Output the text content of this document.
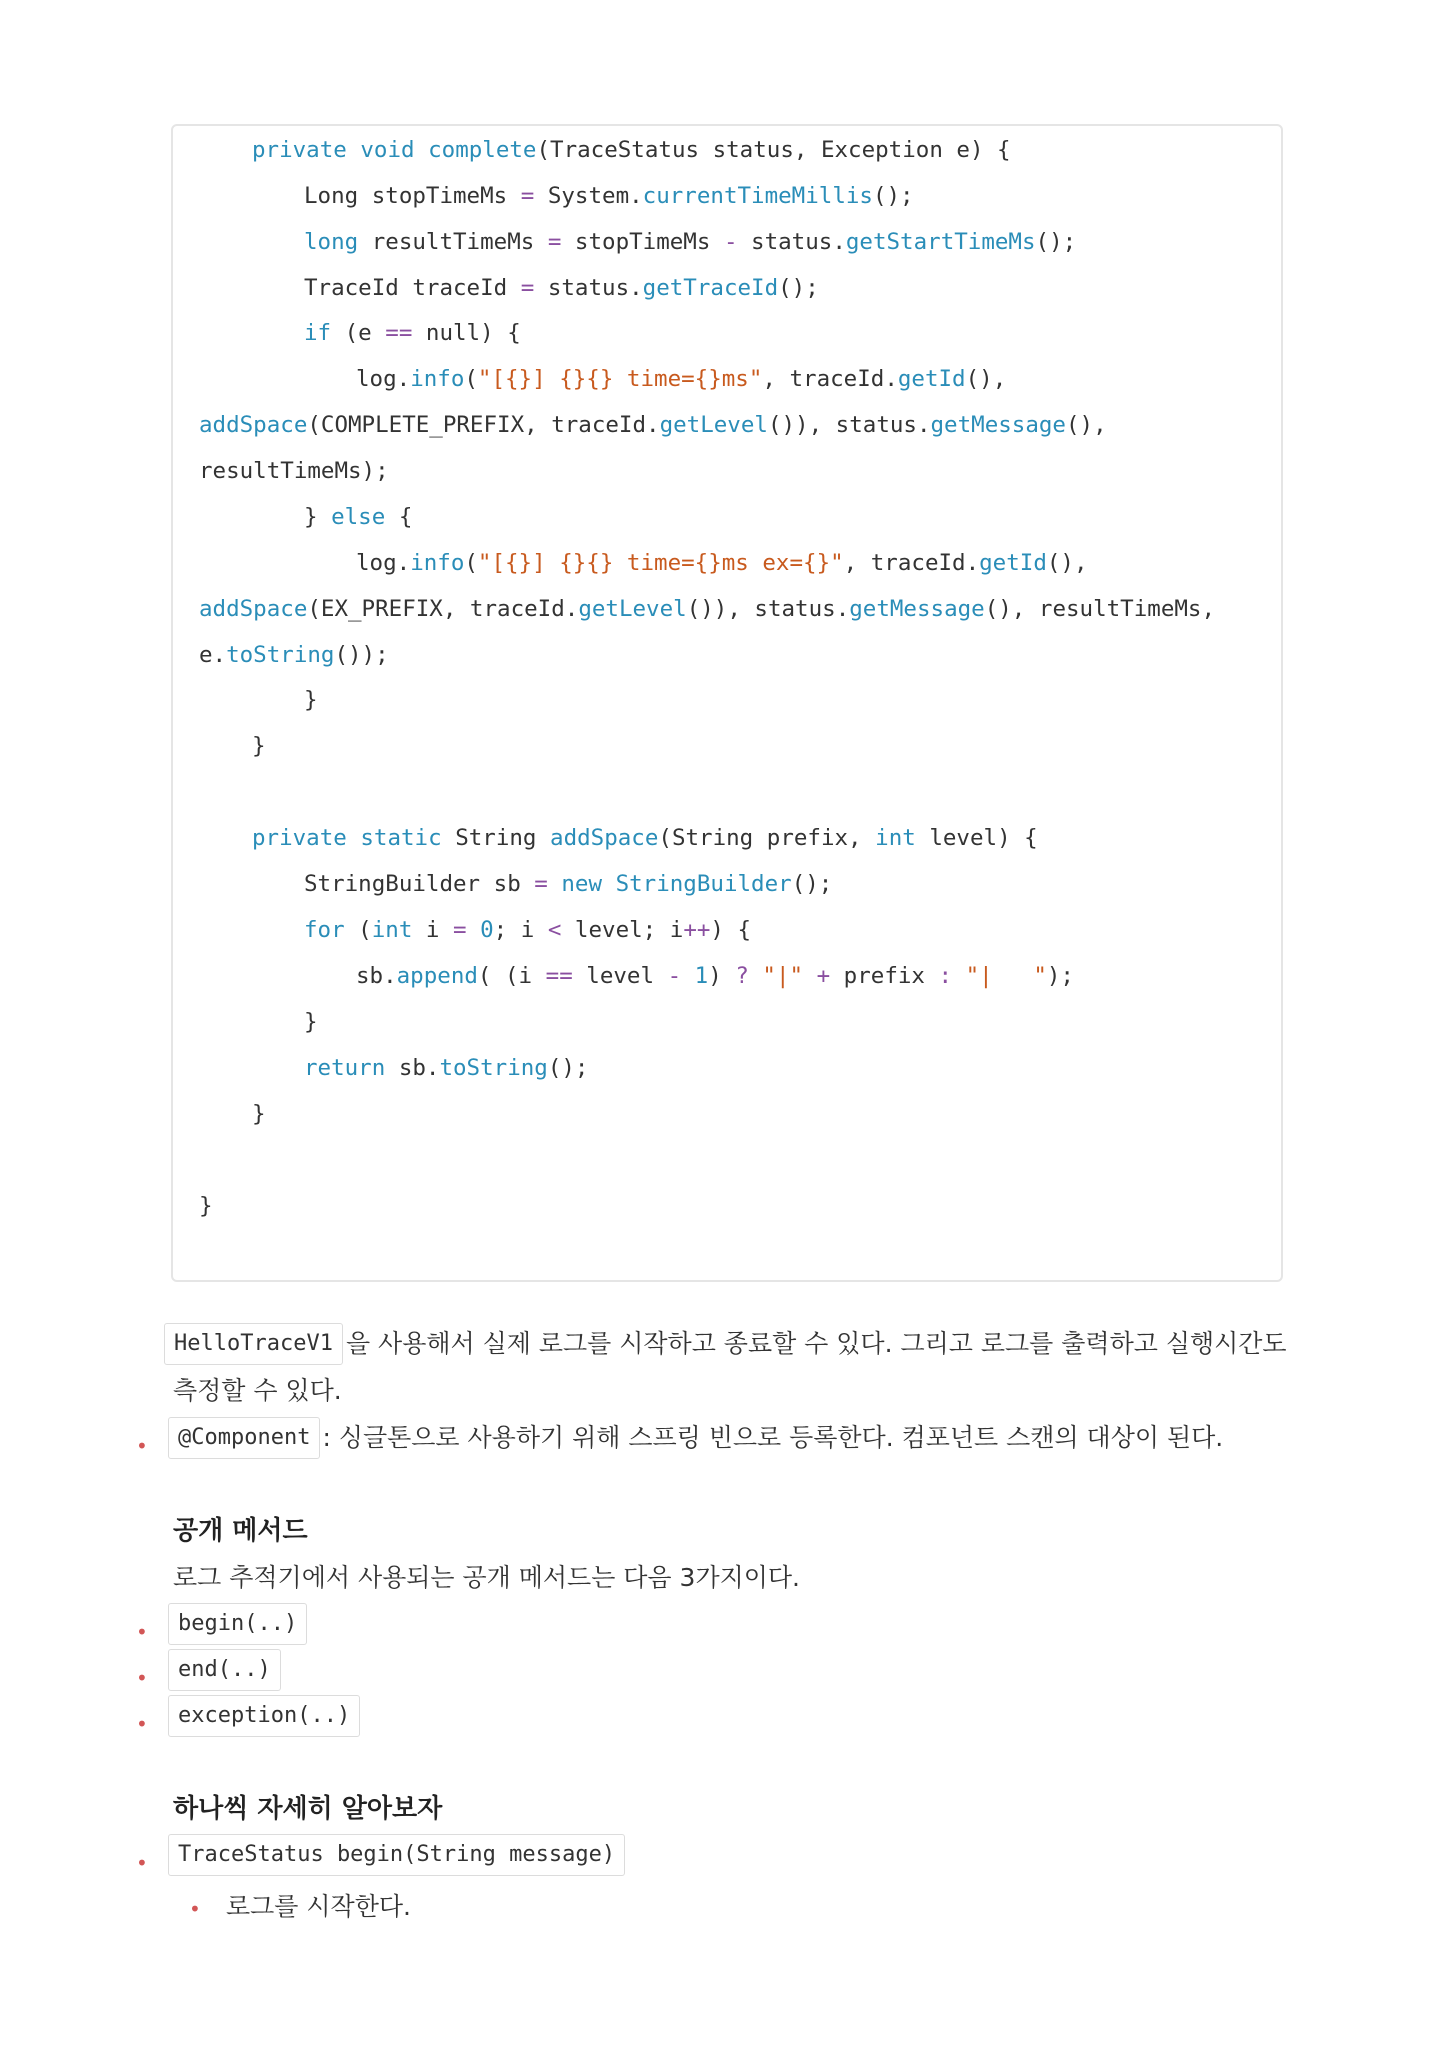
private void complete(TraceStatus status, Exception e) {
Long stopTimeMs = System.currentTimeMillis();
long resultTimeMs = stopTimeMs - status.getStartTimeMs();
TraceId traceId = status.getTraceId();
if (e == null) {
log.info("[{}] {}{} time={}ms", traceId.getId(),
addSpace(COMPLETE_PREFIX, traceId.getLevel()), status.getMessage(),
resultTimeMs);
} else {
log.info("[{}] {}{} time={}ms ex={}", traceId.getId(),
addSpace(EX_PREFIX, traceId.getLevel()), status.getMessage(), resultTimeMs,
e.toString());
}
}
private static String addSpace(String prefix, int level) {
StringBuilder sb = new StringBuilder();
for (int i = 0; i < level; i++) {
sb.append( (i == level - 1) ? "|" + prefix : "|   ");
}
return sb.toString();
}
}
HelloTraceV1 을 사용해서 실제 로그를 시작하고 종료할 수 있다. 그리고 로그를 출력하고 실행시간도
측정할 수 있다.
•	@Component : 싱글톤으로 사용하기 위해 스프링 빈으로 등록한다. 컴포넌트 스캔의 대상이 된다.
공개 메서드
로그 추적기에서 사용되는 공개 메서드는 다음 3가지이다.
•	begin(..)
•	end(..)
•	exception(..)
하나씩 자세히 알아보자
•	TraceStatus begin(String message)
• 로그를 시작한다.
